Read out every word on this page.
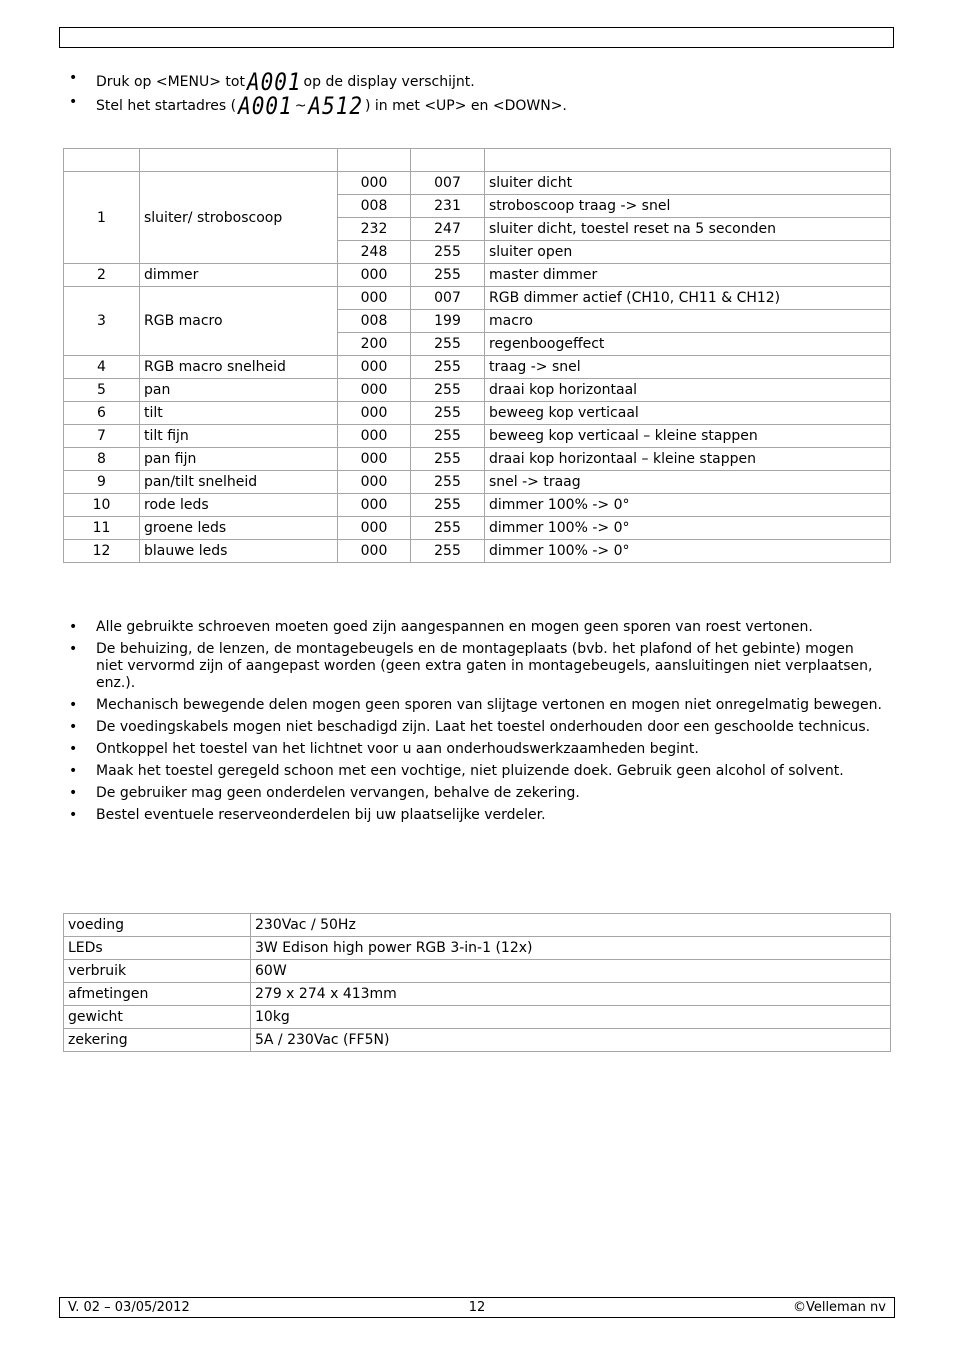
• Druk op <MENU> tot A001 op de display verschijnt.
• Stel het startadres ( A001 ~ A512 ) in met <UP> en <DOWN>.

1	sluiter/ stroboscoop	000	007	sluiter dicht
		008	231	stroboscoop traag -> snel
		232	247	sluiter dicht, toestel reset na 5 seconden
		248	255	sluiter open
2	dimmer	000	255	master dimmer
3	RGB macro	000	007	RGB dimmer actief (CH10, CH11 & CH12)
		008	199	macro
		200	255	regenboogeffect
4	RGB macro snelheid	000	255	traag -> snel
5	pan	000	255	draai kop horizontaal
6	tilt	000	255	beweeg kop verticaal
7	tilt fijn	000	255	beweeg kop verticaal – kleine stappen
8	pan fijn	000	255	draai kop horizontaal – kleine stappen
9	pan/tilt snelheid	000	255	snel -> traag
10	rode leds	000	255	dimmer 100% -> 0°
11	groene leds	000	255	dimmer 100% -> 0°
12	blauwe leds	000	255	dimmer 100% -> 0°
• Alle gebruikte schroeven moeten goed zijn aangespannen en mogen geen sporen van roest vertonen.
• De behuizing, de lenzen, de montagebeugels en de montageplaats (bvb. het plafond of het gebinte) mogen niet vervormd zijn of aangepast worden (geen extra gaten in montagebeugels, aansluitingen niet verplaatsen, enz.).
• Mechanisch bewegende delen mogen geen sporen van slijtage vertonen en mogen niet onregelmatig bewegen.
• De voedingskabels mogen niet beschadigd zijn. Laat het toestel onderhouden door een geschoolde technicus.
• Ontkoppel het toestel van het lichtnet voor u aan onderhoudswerkzaamheden begint.
• Maak het toestel geregeld schoon met een vochtige, niet pluizende doek. Gebruik geen alcohol of solvent.
• De gebruiker mag geen onderdelen vervangen, behalve de zekering.
• Bestel eventuele reserveonderdelen bij uw plaatselijke verdeler.
voeding	230Vac / 50Hz
LEDs	3W Edison high power RGB 3-in-1 (12x)
verbruik	60W
afmetingen	279 x 274 x 413mm
gewicht	10kg
zekering	5A / 230Vac (FF5N)
V. 02 – 03/05/2012	12	©Velleman nv
